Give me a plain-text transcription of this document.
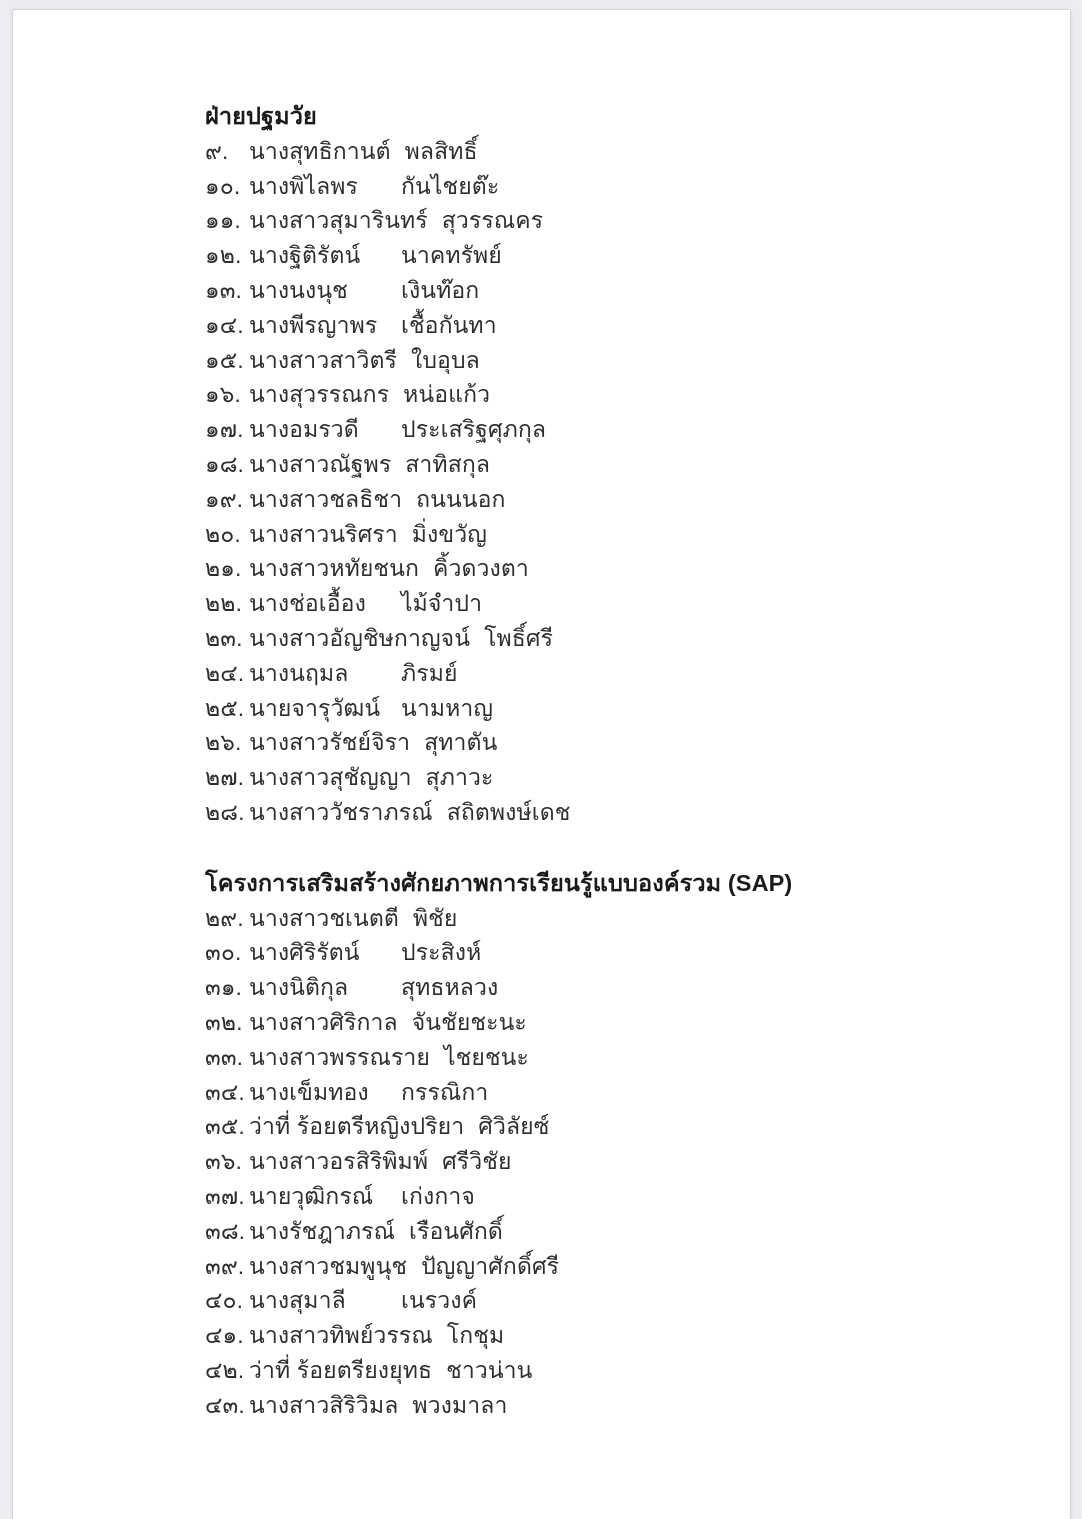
ฝ่ายปฐมวัย
๙. นางสุทธิกานต์ พลสิทธิ์
๑๐. นางพิไลพร	กันไชยต๊ะ
๑๑. นางสาวสุมารินทร์ สุวรรณคร
๑๒. นางฐิติรัตน์	นาคทรัพย์
๑๓. นางนงนุช	เงินท๊อก
๑๔. นางพีรญาพร	เชื้อกันทา
๑๕. นางสาวสาวิตรี ใบอุบล
๑๖. นางสุวรรณกร หน่อแก้ว
๑๗. นางอมรวดี	ประเสริฐศุภกุล
๑๘. นางสาวณัฐพร สาทิสกุล
๑๙. นางสาวชลธิชา ถนนนอก
๒๐. นางสาวนริศรา มิ่งขวัญ
๒๑. นางสาวหทัยชนก คิ้วดวงตา
๒๒. นางช่อเอื้อง	ไม้จำปา
๒๓. นางสาวอัญชิษกาญจน์ โพธิ์ศรี
๒๔. นางนฤมล	ภิรมย์
๒๕. นายจารุวัฒน์ นามหาญ
๒๖. นางสาวรัชย์จิรา สุทาตัน
๒๗. นางสาวสุชัญญา สุภาวะ
๒๘. นางสาววัชราภรณ์ สถิตพงษ์เดช
โครงการเสริมสร้างศักยภาพการเรียนรู้แบบองค์รวม (SAP)
๒๙. นางสาวชเนตตี พิชัย
๓๐. นางศิริรัตน์	ประสิงห์
๓๑. นางนิติกุล	สุทธหลวง
๓๒. นางสาวศิริกาล จันชัยชะนะ
๓๓. นางสาวพรรณราย ไชยชนะ
๓๔. นางเข็มทอง	กรรณิกา
๓๕. ว่าที่ ร้อยตรีหญิงปริยา ศิวิลัยซ์
๓๖. นางสาวอรสิริพิมพ์ ศรีวิชัย
๓๗. นายวุฒิกรณ์	เก่งกาจ
๓๘. นางรัชฎาภรณ์ เรือนศักดิ์
๓๙. นางสาวชมพูนุช ปัญญาศักดิ์ศรี
๔๐. นางสุมาลี	เนรวงค์
๔๑. นางสาวทิพย์วรรณ โกชุม
๔๒. ว่าที่ ร้อยตรียงยุทธ ชาวน่าน
๔๓. นางสาวสิริวิมล พวงมาลา
